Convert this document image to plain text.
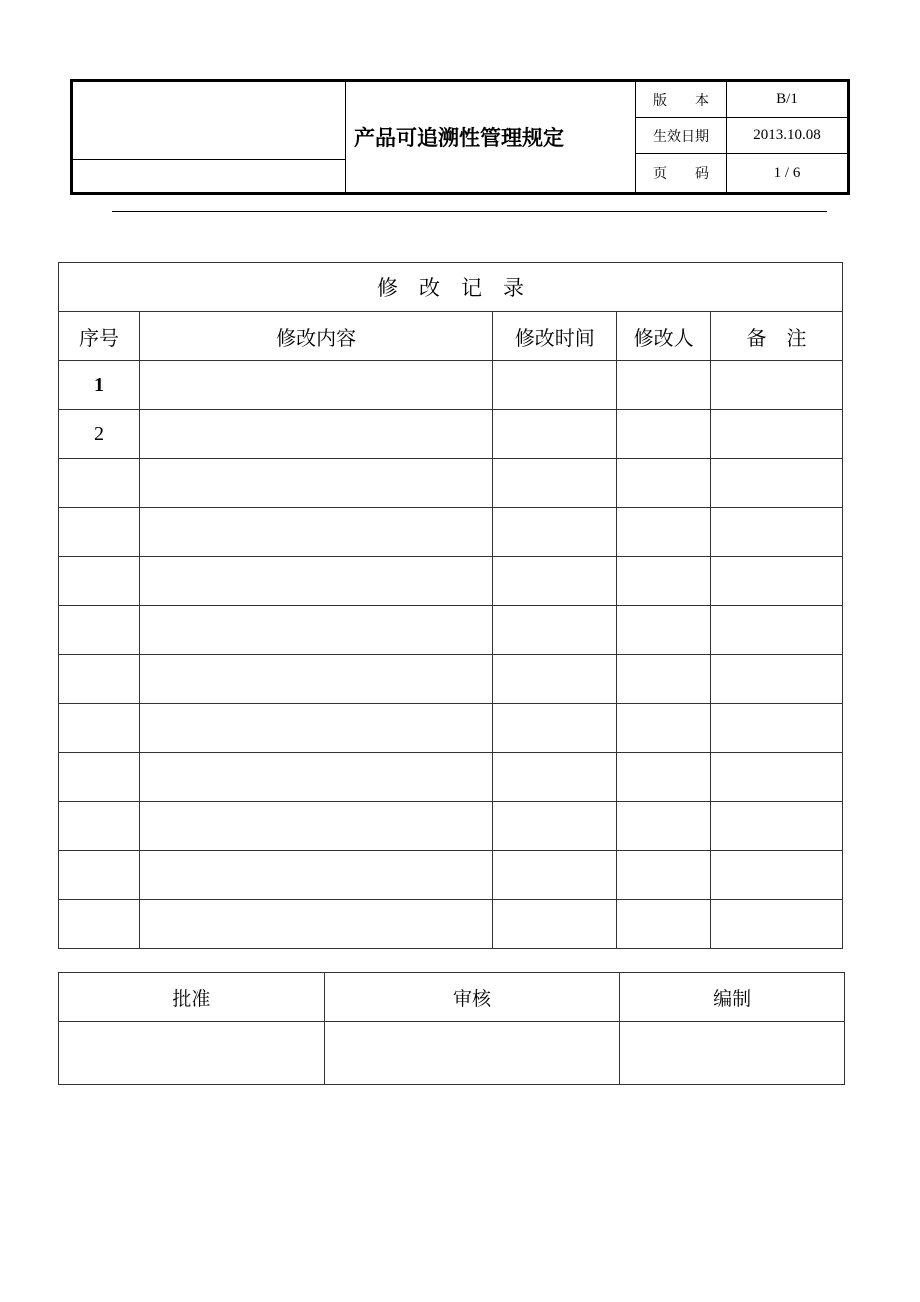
产品可追溯性管理规定
版　　本	B/1
生效日期	2013.10.08
页　　码	1 / 6
修　改　记　录				
序号	修改内容	修改时间	修改人	备　注
1				
2				

批准	审核	编制
